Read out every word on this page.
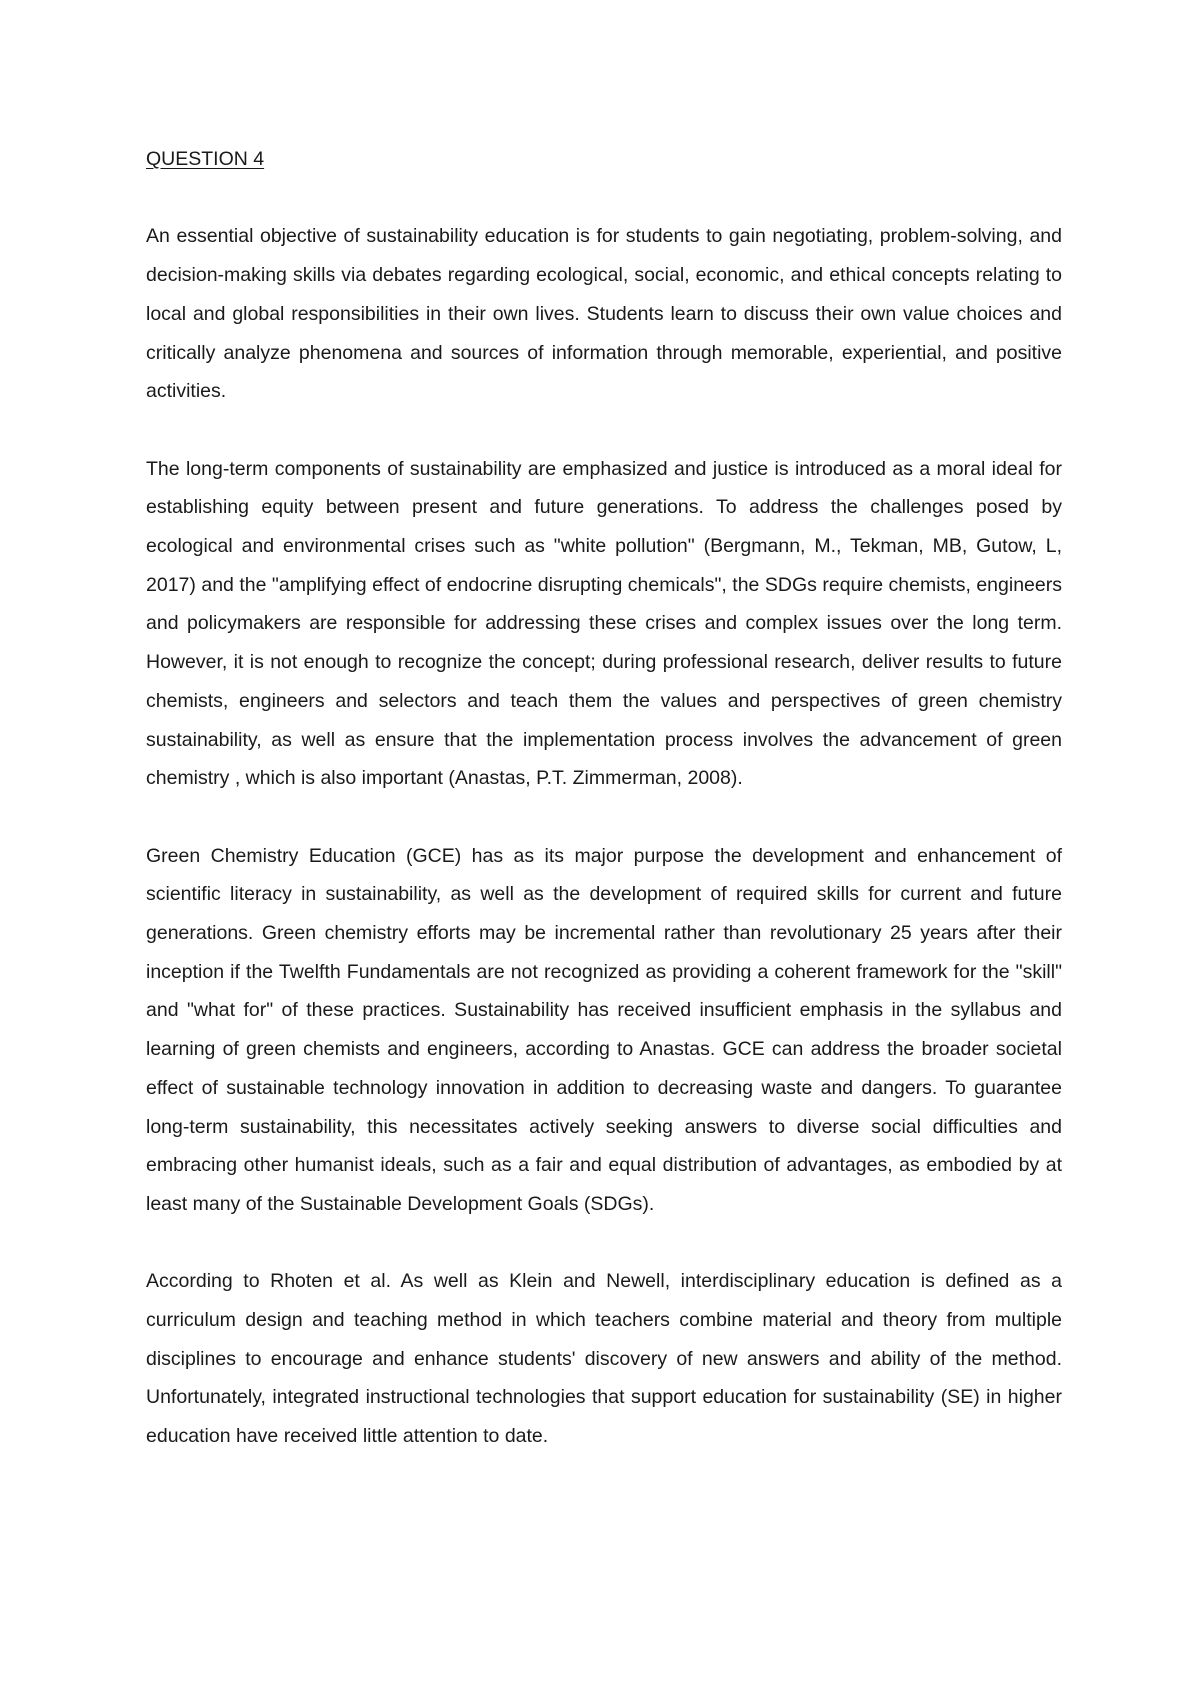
QUESTION 4

An essential objective of sustainability education is for students to gain negotiating, problem-solving, and decision-making skills via debates regarding ecological, social, economic, and ethical concepts relating to local and global responsibilities in their own lives. Students learn to discuss their own value choices and critically analyze phenomena and sources of information through memorable, experiential, and positive activities.

The long-term components of sustainability are emphasized and justice is introduced as a moral ideal for establishing equity between present and future generations. To address the challenges posed by ecological and environmental crises such as "white pollution" (Bergmann, M., Tekman, MB, Gutow, L, 2017) and the "amplifying effect of endocrine disrupting chemicals", the SDGs require chemists, engineers and policymakers are responsible for addressing these crises and complex issues over the long term. However, it is not enough to recognize the concept; during professional research, deliver results to future chemists, engineers and selectors and teach them the values and perspectives of green chemistry sustainability, as well as ensure that the implementation process involves the advancement of green chemistry , which is also important (Anastas, P.T. Zimmerman, 2008).

Green Chemistry Education (GCE) has as its major purpose the development and enhancement of scientific literacy in sustainability, as well as the development of required skills for current and future generations. Green chemistry efforts may be incremental rather than revolutionary 25 years after their inception if the Twelfth Fundamentals are not recognized as providing a coherent framework for the "skill" and "what for" of these practices. Sustainability has received insufficient emphasis in the syllabus and learning of green chemists and engineers, according to Anastas. GCE can address the broader societal effect of sustainable technology innovation in addition to decreasing waste and dangers. To guarantee long-term sustainability, this necessitates actively seeking answers to diverse social difficulties and embracing other humanist ideals, such as a fair and equal distribution of advantages, as embodied by at least many of the Sustainable Development Goals (SDGs).

According to Rhoten et al. As well as Klein and Newell, interdisciplinary education is defined as a curriculum design and teaching method in which teachers combine material and theory from multiple disciplines to encourage and enhance students' discovery of new answers and ability of the method. Unfortunately, integrated instructional technologies that support education for sustainability (SE) in higher education have received little attention to date.
